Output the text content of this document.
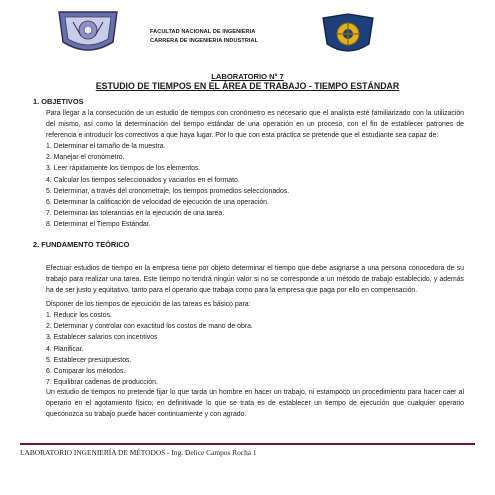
FACULTAD NACIONAL DE INGENIERIA
CARRERA DE INGENIERIA INDUSTRIAL
LABORATORIO Nº 7
ESTUDIO DE TIEMPOS EN EL ÁREA DE TRABAJO - TIEMPO ESTÁNDAR
1. OBJETIVOS
Para llegar a la consecución de un estudio de tiempos con cronómetro es necesario que el analista esté familiarizado con la utilización del mismo, así como la determinación del tiempo estándar de una operación en un proceso, con el fin de establecer patrones de referencia e introducir los correctivos a que haya lugar. Por lo que con esta práctica se pretende que el estudiante sea capaz de:
1. Determinar el tamaño de la muestra.
2. Manejar el cronómetro.
3. Leer rápidamente los tiempos de los elementos.
4. Calcular los tiempos seleccionados y vaciarlos en el formato.
5. Determinar, a través del cronometraje, los tiempos promedios seleccionados.
6. Determinar la calificación de velocidad de ejecución de una operación.
7. Determinar las tolerancias en la ejecución de una tarea.
8. Determinar el Tiempo Estándar.
2. FUNDAMENTO TEÓRICO
Efectuar estudios de tiempo en la empresa tiene por objeto determinar el tiempo que debe asignarse a una persona conocedora de su trabajo para realizar una tarea. Este tiempo no tendrá ningún valor si no se corresponde a un método de trabajo establecido, y además ha de ser justo y equitativo, tanto para el operario que trabaja como para la empresa que paga por ello en compensación.
Disponer de los tiempos de ejecución de las tareas es básico para:
1. Reducir los costos.
2. Determinar y controlar con exactitud los costos de mano de obra.
3. Establecer salarios con incentivos
4. Planificar.
5. Establecer presupuestos.
6. Comparar los métodos.
7. Equilibrar cadenas de producción.
Un estudio de tiempos no pretende fijar lo que tarda un hombre en hacer un trabajo, ni estampoco un procedimiento para hacer caer al operario en el agotamiento físico; en definitivade lo que se trata es de establecer un tiempo de ejecución que cualquier operario queconozca su trabajo puede hacer continuamente y con agrado.
LABORATORIO INGENIERÍA DE MÉTODOS - Ing. Delice Campos Rocha 1
